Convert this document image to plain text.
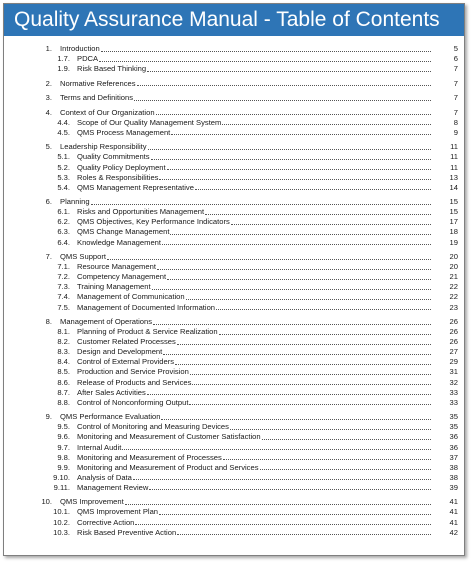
Quality Assurance Manual - Table of Contents
1. Introduction	5
1.7. PDCA	6
1.9. Risk Based Thinking	7
2. Normative References	7
3. Terms and Definitions	7
4. Context of Our Organization	7
4.4. Scope of Our Quality Management System	8
4.5. QMS Process Management	9
5. Leadership Responsibility	11
5.1. Quality Commitments	11
5.2. Quality Policy Deployment	11
5.3. Roles & Responsibilities	13
5.4. QMS Management Representative	14
6. Planning	15
6.1. Risks and Opportunities Management	15
6.2. QMS Objectives, Key Performance Indicators	17
6.3. QMS Change Management	18
6.4. Knowledge Management	19
7. QMS Support	20
7.1. Resource Management	20
7.2. Competency Management	21
7.3. Training Management	22
7.4. Management of Communication	22
7.5. Management of Documented Information	23
8. Management of Operations	26
8.1. Planning of Product & Service Realization	26
8.2. Customer Related Processes	26
8.3. Design and Development	27
8.4. Control of External Providers	29
8.5. Production and Service Provision	31
8.6. Release of Products and Services	32
8.7. After Sales Activities	33
8.8. Control of Nonconforming Output	33
9. QMS Performance Evaluation	35
9.5. Control of Monitoring and Measuring Devices	35
9.6. Monitoring and Measurement of Customer Satisfaction	36
9.7. Internal Audit	36
9.8. Monitoring and Measurement of Processes	37
9.9. Monitoring and Measurement of Product and Services	38
9.10. Analysis of Data	38
9.11. Management Review	39
10. QMS Improvement	41
10.1. QMS Improvement Plan	41
10.2. Corrective Action	41
10.3. Risk Based Preventive Action	42
